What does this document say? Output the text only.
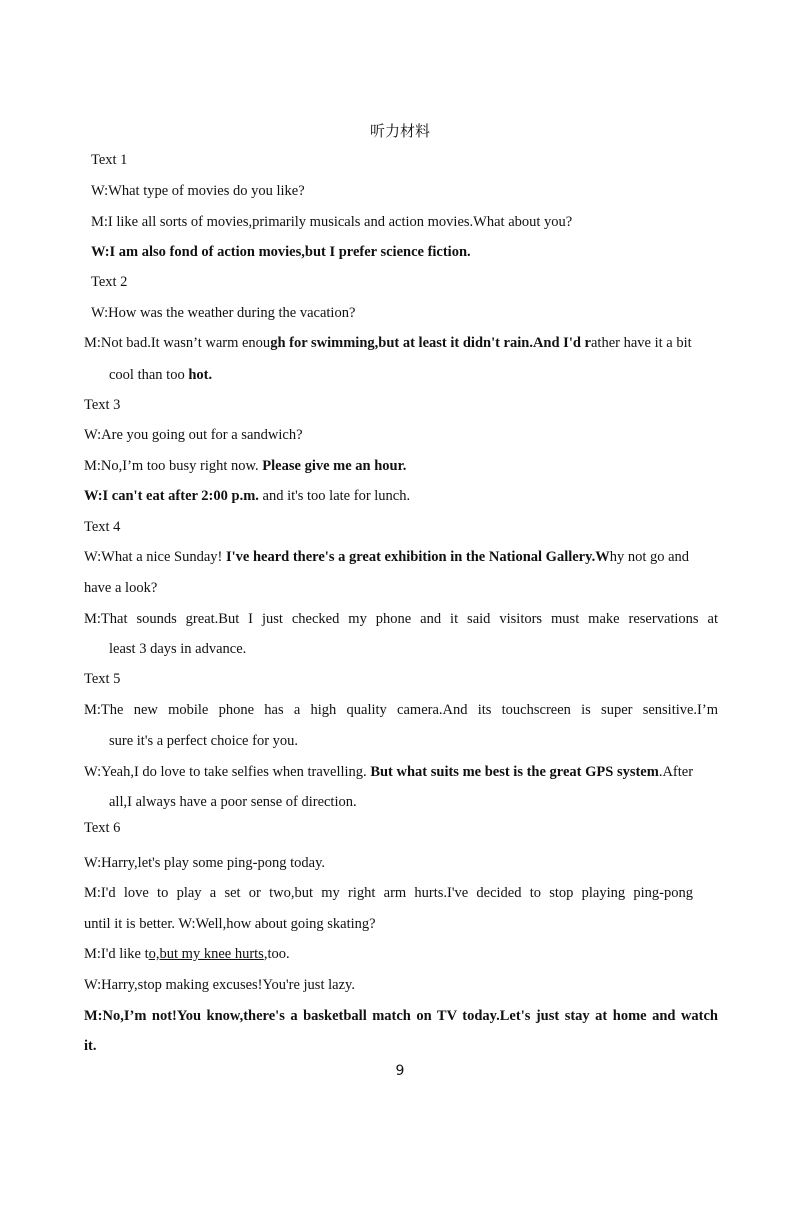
听力材料
Text 1
W:What type of movies do you like?
M:I like all sorts of movies,primarily musicals and action movies.What about you?
W:I am also fond of action movies,but I prefer science fiction.
Text 2
W:How was the weather during the vacation?
M:Not bad.It wasn’t warm enough for swimming,but at least it didn't rain.And I'd rather have it a bit
cool than too hot.
Text 3
W:Are you going out for a sandwich?
M:No,I’m too busy right now. Please give me an hour.
W:I can't eat after 2:00 p.m. and it's too late for lunch.
Text 4
W:What a nice Sunday! I've heard there's a great exhibition in the National Gallery.Why not go and
have a look?
M:That sounds great.But I just checked my phone and it said visitors must make reservations at
least 3 days in advance.
Text 5
M:The new mobile phone has a high quality camera.And its touchscreen is super sensitive.I’m
sure it's a perfect choice for you.
W:Yeah,I do love to take selfies when travelling. But what suits me best is the great GPS system.After
all,I always have a poor sense of direction.
Text 6
W:Harry,let's play some ping-pong today.
M:I'd love to play a set or two,but my right arm hurts.I've decided to stop playing ping-pong
until it is better. W:Well,how about going skating?
M:I'd like to,but my knee hurts,too.
W:Harry,stop making excuses!You're just lazy.
M:No,I’m not!You know,there's a basketball match on TV today.Let's just stay at home and watch
it.
9
